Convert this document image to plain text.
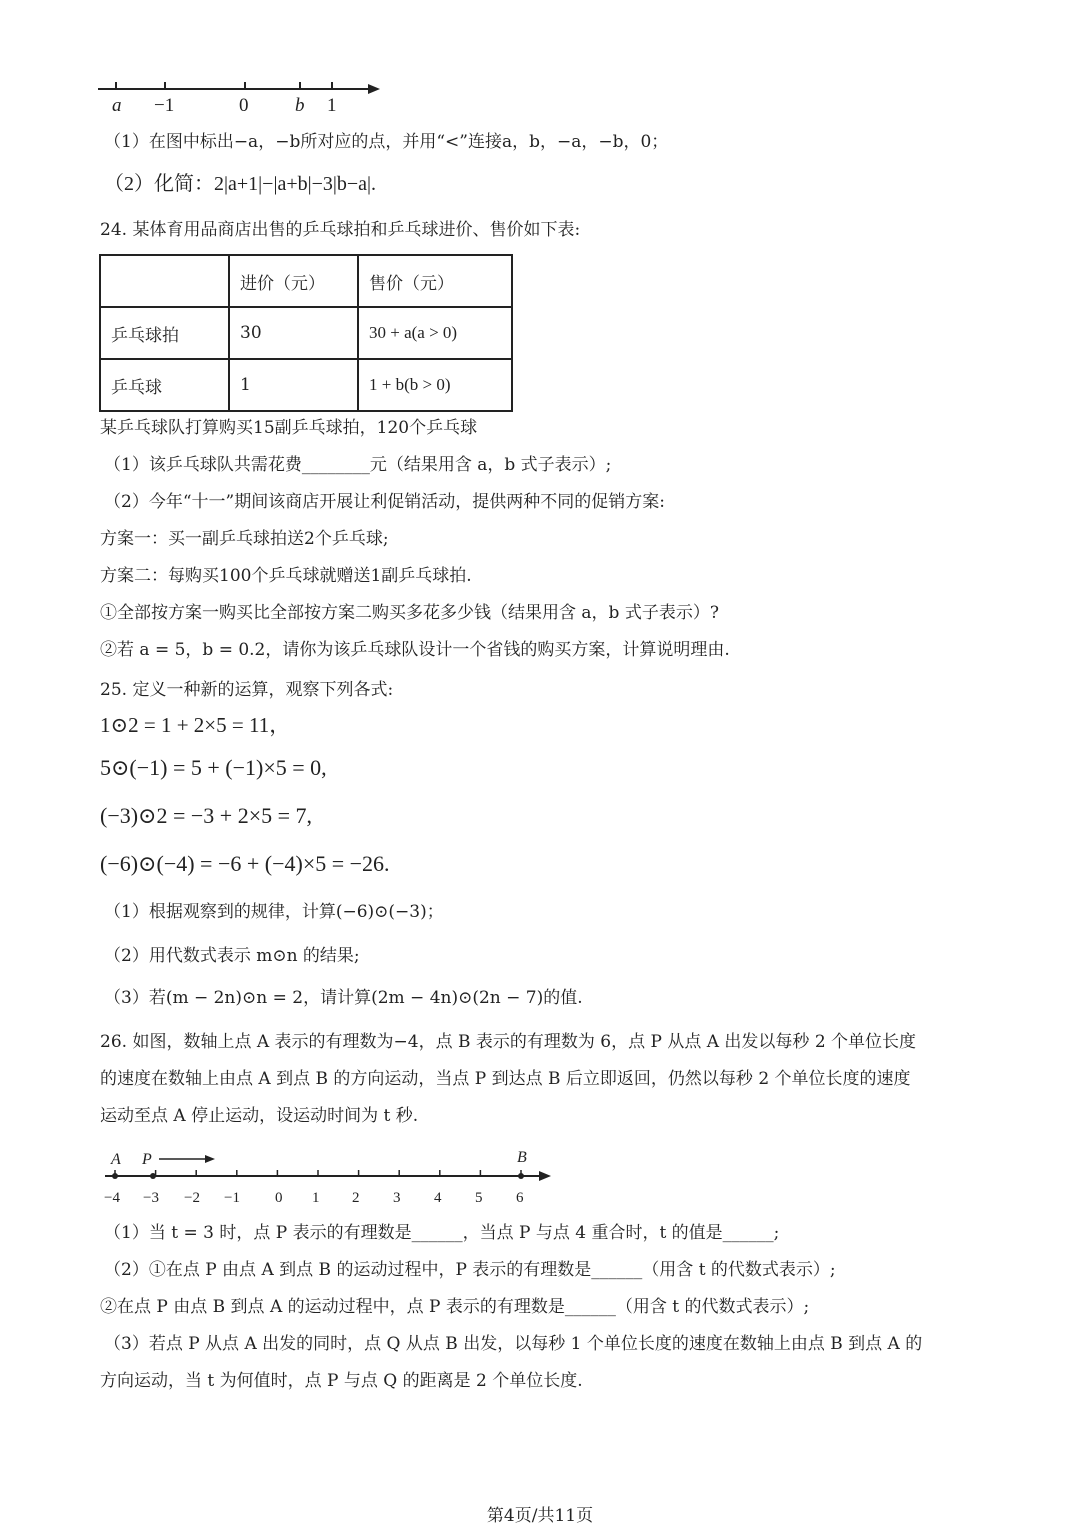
a −1	0 b 1
（1）在图中标出−a，−b所对应的点，并用“<”连接a，b，−a，−b，0；
（2）化简：2|a+1|−|a+b|−3|b−a|.
24. 某体育用品商店出售的乒乓球拍和乒乓球进价、售价如下表:
	进价（元）	售价（元）
乒乓球拍	30	30 + a(a > 0)
乒乓球	1	1 + b(b > 0)
某乒乓球队打算购买15副乒乓球拍，120个乒乓球
（1）该乒乓球队共需花费________元（结果用含 a，b 式子表示）;
（2）今年“十一”期间该商店开展让利促销活动，提供两种不同的促销方案:
方案一：买一副乒乓球拍送2个乒乓球;
方案二：每购买100个乒乓球就赠送1副乒乓球拍.
①全部按方案一购买比全部按方案二购买多花多少钱（结果用含 a，b 式子表示）?
②若 a = 5，b = 0.2，请你为该乒乓球队设计一个省钱的购买方案，计算说明理由.
25. 定义一种新的运算，观察下列各式:
1⊙2 = 1 + 2×5 = 11，
5⊙(−1) = 5 + (−1)×5 = 0,
(−3)⊙2 = −3 + 2×5 = 7,
(−6)⊙(−4) = −6 + (−4)×5 = −26.
（1）根据观察到的规律，计算(−6)⊙(−3)；
（2）用代数式表示 m⊙n 的结果;
（3）若(m − 2n)⊙n = 2，请计算(2m − 4n)⊙(2n − 7)的值.
26. 如图，数轴上点 A 表示的有理数为−4，点 B 表示的有理数为 6，点 P 从点 A 出发以每秒 2 个单位长度
的速度在数轴上由点 A 到点 B 的方向运动，当点 P 到达点 B 后立即返回，仍然以每秒 2 个单位长度的速度
运动至点 A 停止运动，设运动时间为 t 秒.
A P	B
−4 −3 −2 −1 0 1 2 3 4 5 6
（1）当 t = 3 时，点 P 表示的有理数是______，当点 P 与点 4 重合时，t 的值是______;
（2）①在点 P 由点 A 到点 B 的运动过程中，P 表示的有理数是______（用含 t 的代数式表示）;
②在点 P 由点 B 到点 A 的运动过程中，点 P 表示的有理数是______（用含 t 的代数式表示）;
（3）若点 P 从点 A 出发的同时，点 Q 从点 B 出发，以每秒 1 个单位长度的速度在数轴上由点 B 到点 A 的
方向运动，当 t 为何值时，点 P 与点 Q 的距离是 2 个单位长度.
第4页/共11页
